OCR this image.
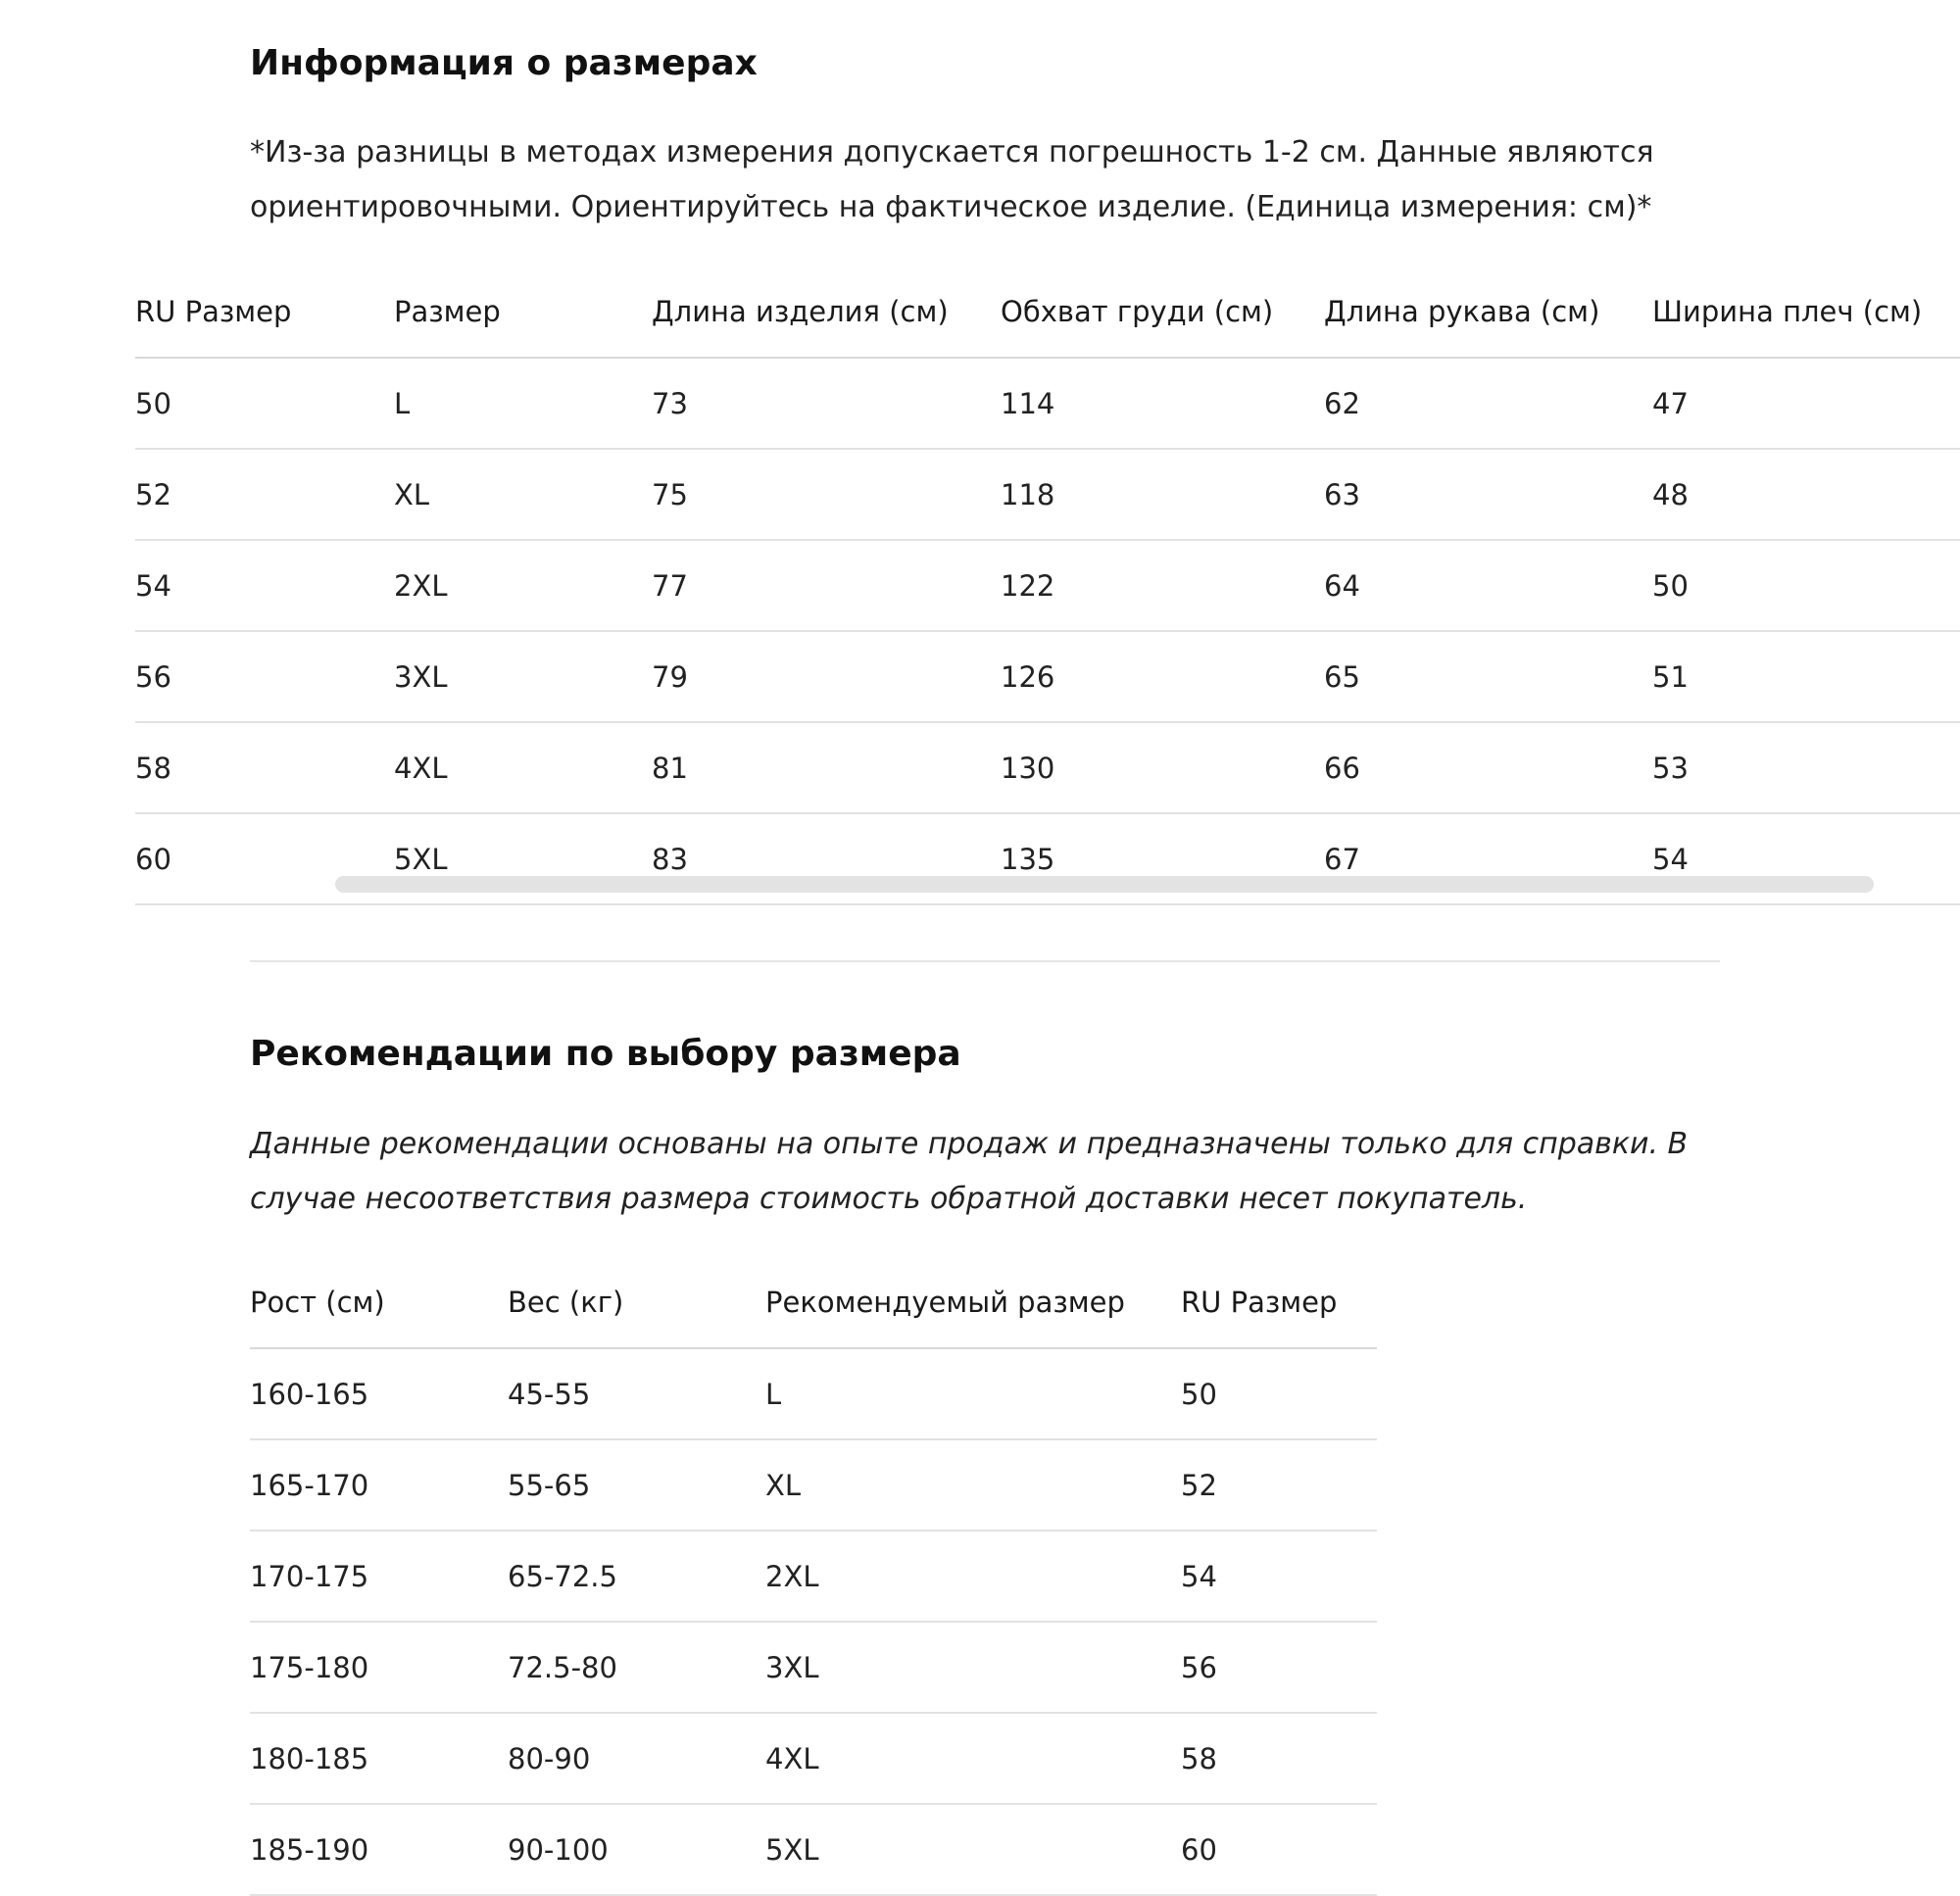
Информация о размерах

*Из-за разницы в методах измерения допускается погрешность 1-2 см. Данные являются ориентировочными. Ориентируйтесь на фактическое изделие. (Единица измерения: см)*

RU Размер	Размер	Длина изделия (см)	Обхват груди (см)	Длина рукава (см)	Ширина плеч (см)
50	L	73	114	62	47
52	XL	75	118	63	48
54	2XL	77	122	64	50
56	3XL	79	126	65	51
58	4XL	81	130	66	53
60	5XL	83	135	67	54
Рекомендации по выбору размера

Данные рекомендации основаны на опыте продаж и предназначены только для справки. В случае несоответствия размера стоимость обратной доставки несет покупатель.

Рост (см)	Вес (кг)	Рекомендуемый размер	RU Размер
160-165	45-55	L	50
165-170	55-65	XL	52
170-175	65-72.5	2XL	54
175-180	72.5-80	3XL	56
180-185	80-90	4XL	58
185-190	90-100	5XL	60
